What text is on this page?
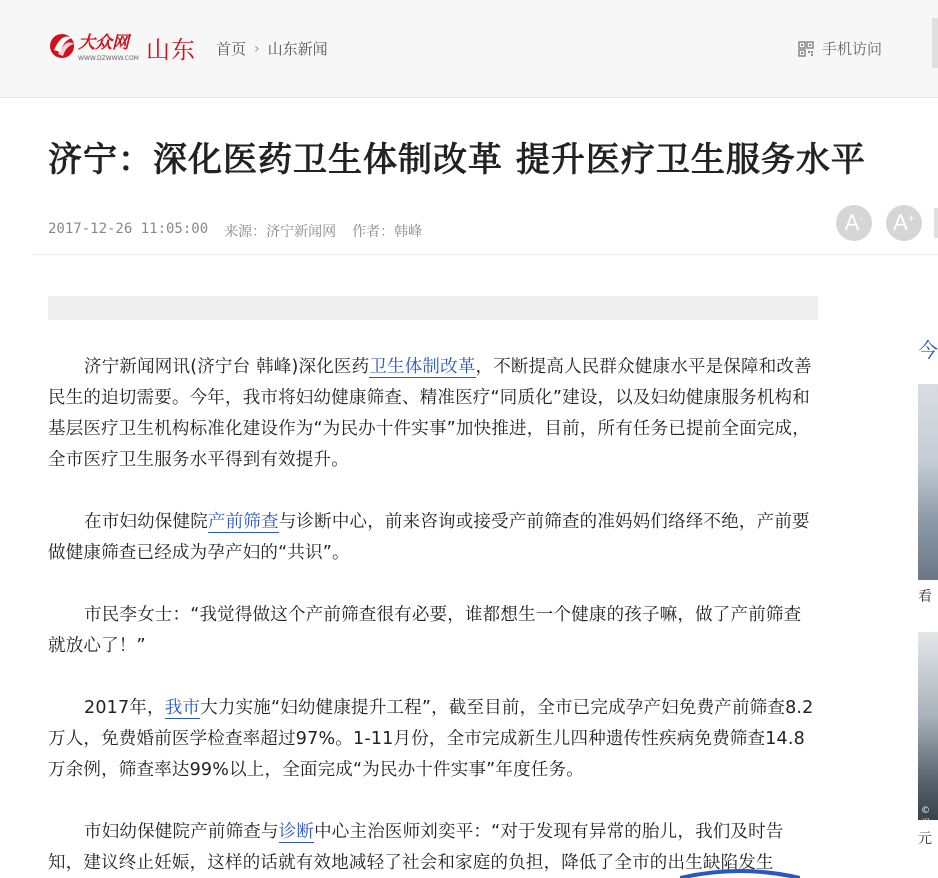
大众网
WWW.DZWWW.COM 山东 首页 › 山东新闻	手机访问
济宁：深化医药卫生体制改革 提升医疗卫生服务水平
2017-12-26 11:05:00 来源：济宁新闻网 作者：韩峰	A- A+

济宁新闻网讯(济宁台 韩峰)深化医药卫生体制改革，不断提高人民群众健康水平是保障和改善民生的迫切需要。今年，我市将妇幼健康筛查、精准医疗“同质化”建设，以及妇幼健康服务机构和基层医疗卫生机构标准化建设作为“为民办十件实事”加快推进，目前，所有任务已提前全面完成，全市医疗卫生服务水平得到有效提升。

在市妇幼保健院产前筛查与诊断中心，前来咨询或接受产前筛查的准妈妈们络绎不绝，产前要做健康筛查已经成为孕产妇的“共识”。

市民李女士：“我觉得做这个产前筛查很有必要，谁都想生一个健康的孩子嘛，做了产前筛查就放心了！”

2017年，我市大力实施“妇幼健康提升工程”，截至目前，全市已完成孕产妇免费产前筛查8.2万人，免费婚前医学检查率超过97%。1-11月份，全市完成新生儿四种遗传性疾病免费筛查14.8万余例，筛查率达99%以上，全面完成“为民办十件实事”年度任务。

市妇幼保健院产前筛查与诊断中心主治医师刘奕平：“对于发现有异常的胎儿，我们及时告知，建议终止妊娠，这样的话就有效地减轻了社会和家庭的负担，降低了全市的出生缺陷发生

今
看
©视
元
